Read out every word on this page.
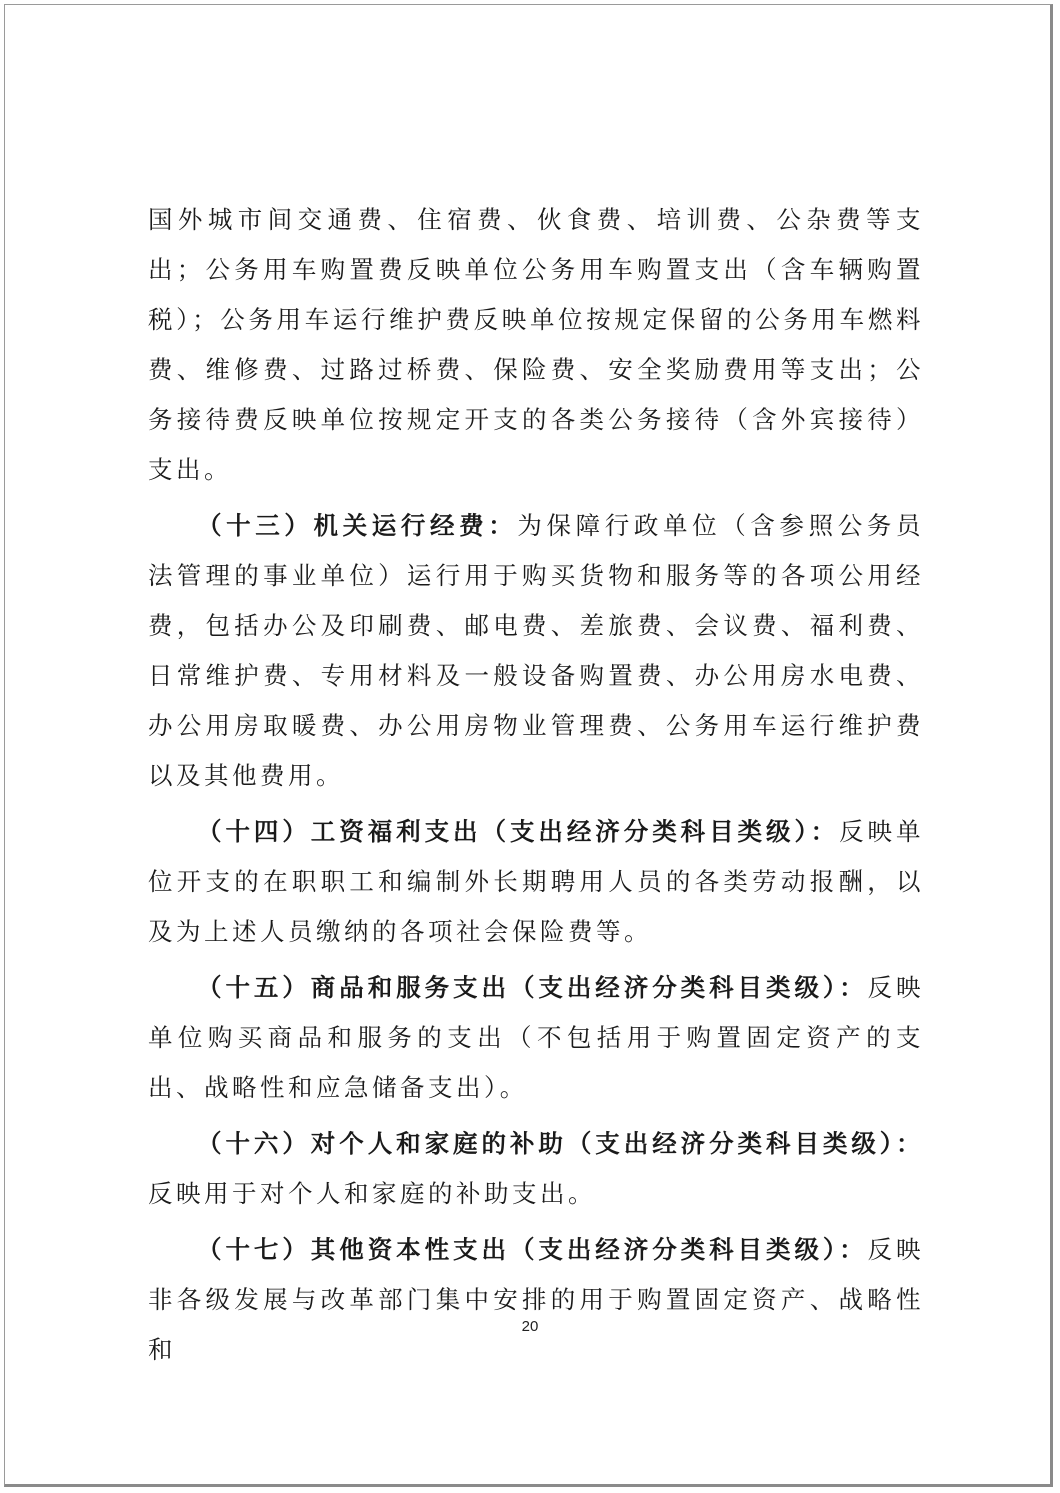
国外城市间交通费、住宿费、伙食费、培训费、公杂费等支出；公务用车购置费反映单位公务用车购置支出（含车辆购置税）；公务用车运行维护费反映单位按规定保留的公务用车燃料费、维修费、过路过桥费、保险费、安全奖励费用等支出；公务接待费反映单位按规定开支的各类公务接待（含外宾接待）支出。

（十三）机关运行经费：为保障行政单位（含参照公务员法管理的事业单位）运行用于购买货物和服务等的各项公用经费，包括办公及印刷费、邮电费、差旅费、会议费、福利费、日常维护费、专用材料及一般设备购置费、办公用房水电费、办公用房取暖费、办公用房物业管理费、公务用车运行维护费以及其他费用。

（十四）工资福利支出（支出经济分类科目类级）：反映单位开支的在职职工和编制外长期聘用人员的各类劳动报酬，以及为上述人员缴纳的各项社会保险费等。

（十五）商品和服务支出（支出经济分类科目类级）：反映单位购买商品和服务的支出（不包括用于购置固定资产的支出、战略性和应急储备支出）。

（十六）对个人和家庭的补助（支出经济分类科目类级）：反映用于对个人和家庭的补助支出。

（十七）其他资本性支出（支出经济分类科目类级）：反映非各级发展与改革部门集中安排的用于购置固定资产、战略性和

20
